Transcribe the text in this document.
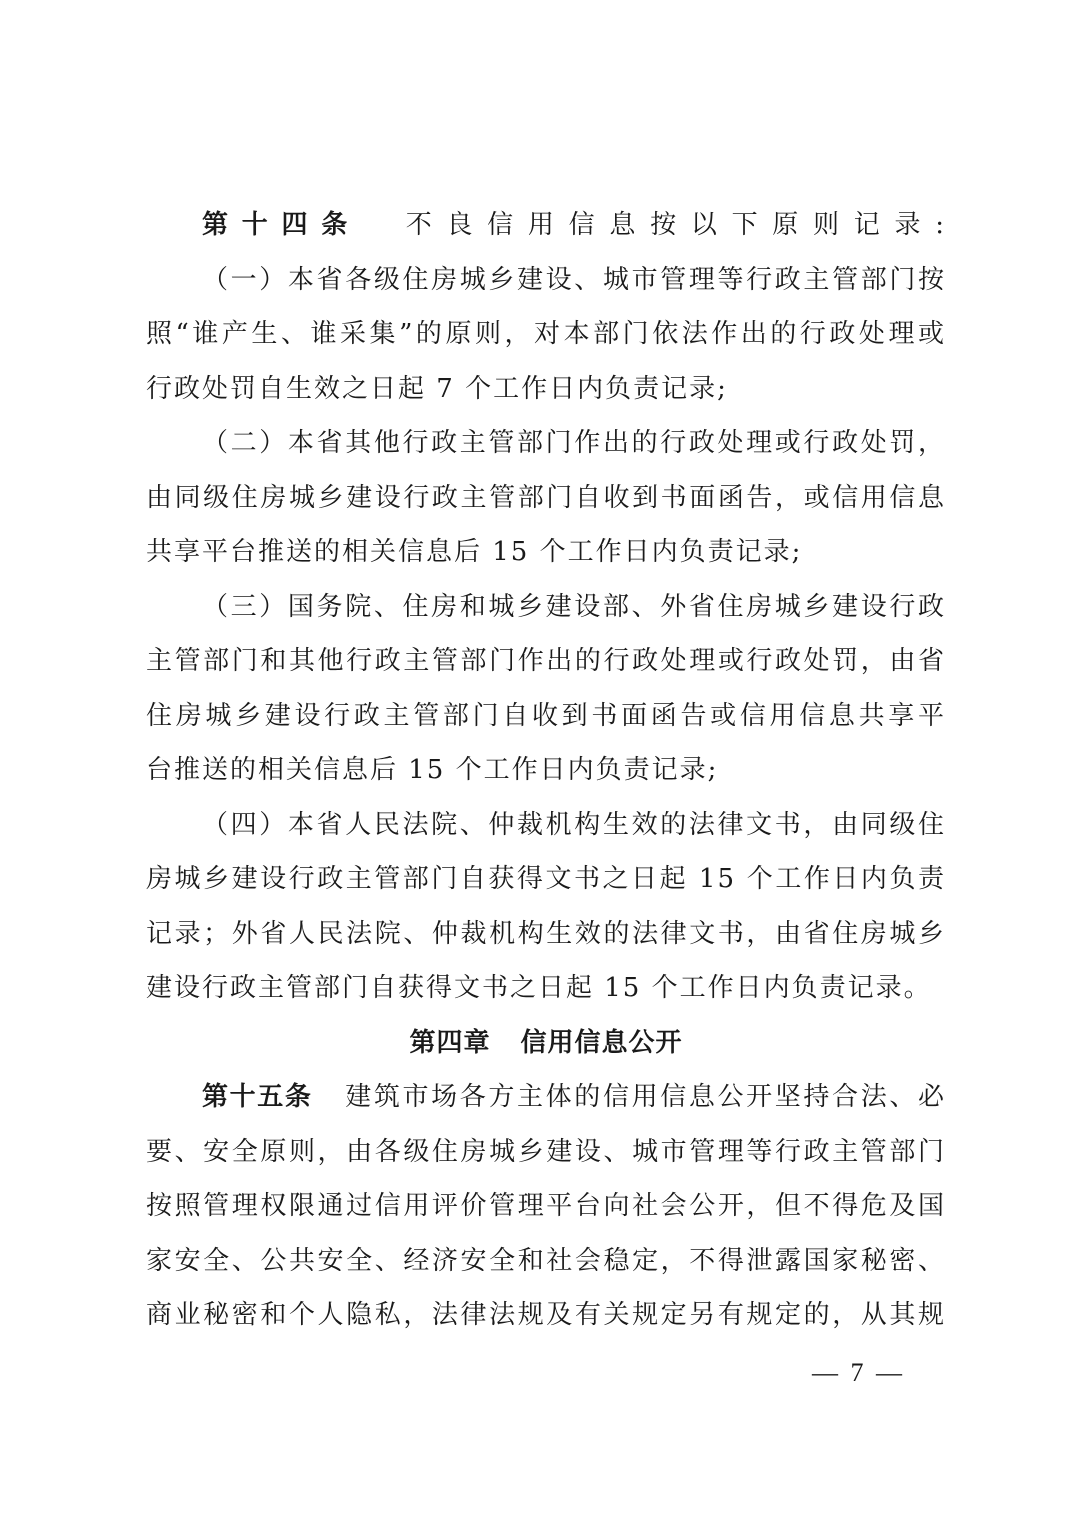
第十四条 不良信用信息按以下原则记录:
（一）本省各级住房城乡建设、城市管理等行政主管部门按
照“谁产生、谁采集”的原则，对本部门依法作出的行政处理或
行政处罚自生效之日起 7 个工作日内负责记录;
（二）本省其他行政主管部门作出的行政处理或行政处罚，
由同级住房城乡建设行政主管部门自收到书面函告，或信用信息
共享平台推送的相关信息后 15 个工作日内负责记录;
（三）国务院、住房和城乡建设部、外省住房城乡建设行政
主管部门和其他行政主管部门作出的行政处理或行政处罚，由省
住房城乡建设行政主管部门自收到书面函告或信用信息共享平
台推送的相关信息后 15 个工作日内负责记录;
（四）本省人民法院、仲裁机构生效的法律文书，由同级住
房城乡建设行政主管部门自获得文书之日起 15 个工作日内负责
记录；外省人民法院、仲裁机构生效的法律文书，由省住房城乡
建设行政主管部门自获得文书之日起 15 个工作日内负责记录。
第四章 信用信息公开
第十五条 建筑市场各方主体的信用信息公开坚持合法、必
要、安全原则，由各级住房城乡建设、城市管理等行政主管部门
按照管理权限通过信用评价管理平台向社会公开，但不得危及国
家安全、公共安全、经济安全和社会稳定，不得泄露国家秘密、
商业秘密和个人隐私，法律法规及有关规定另有规定的，从其规
— 7 —
